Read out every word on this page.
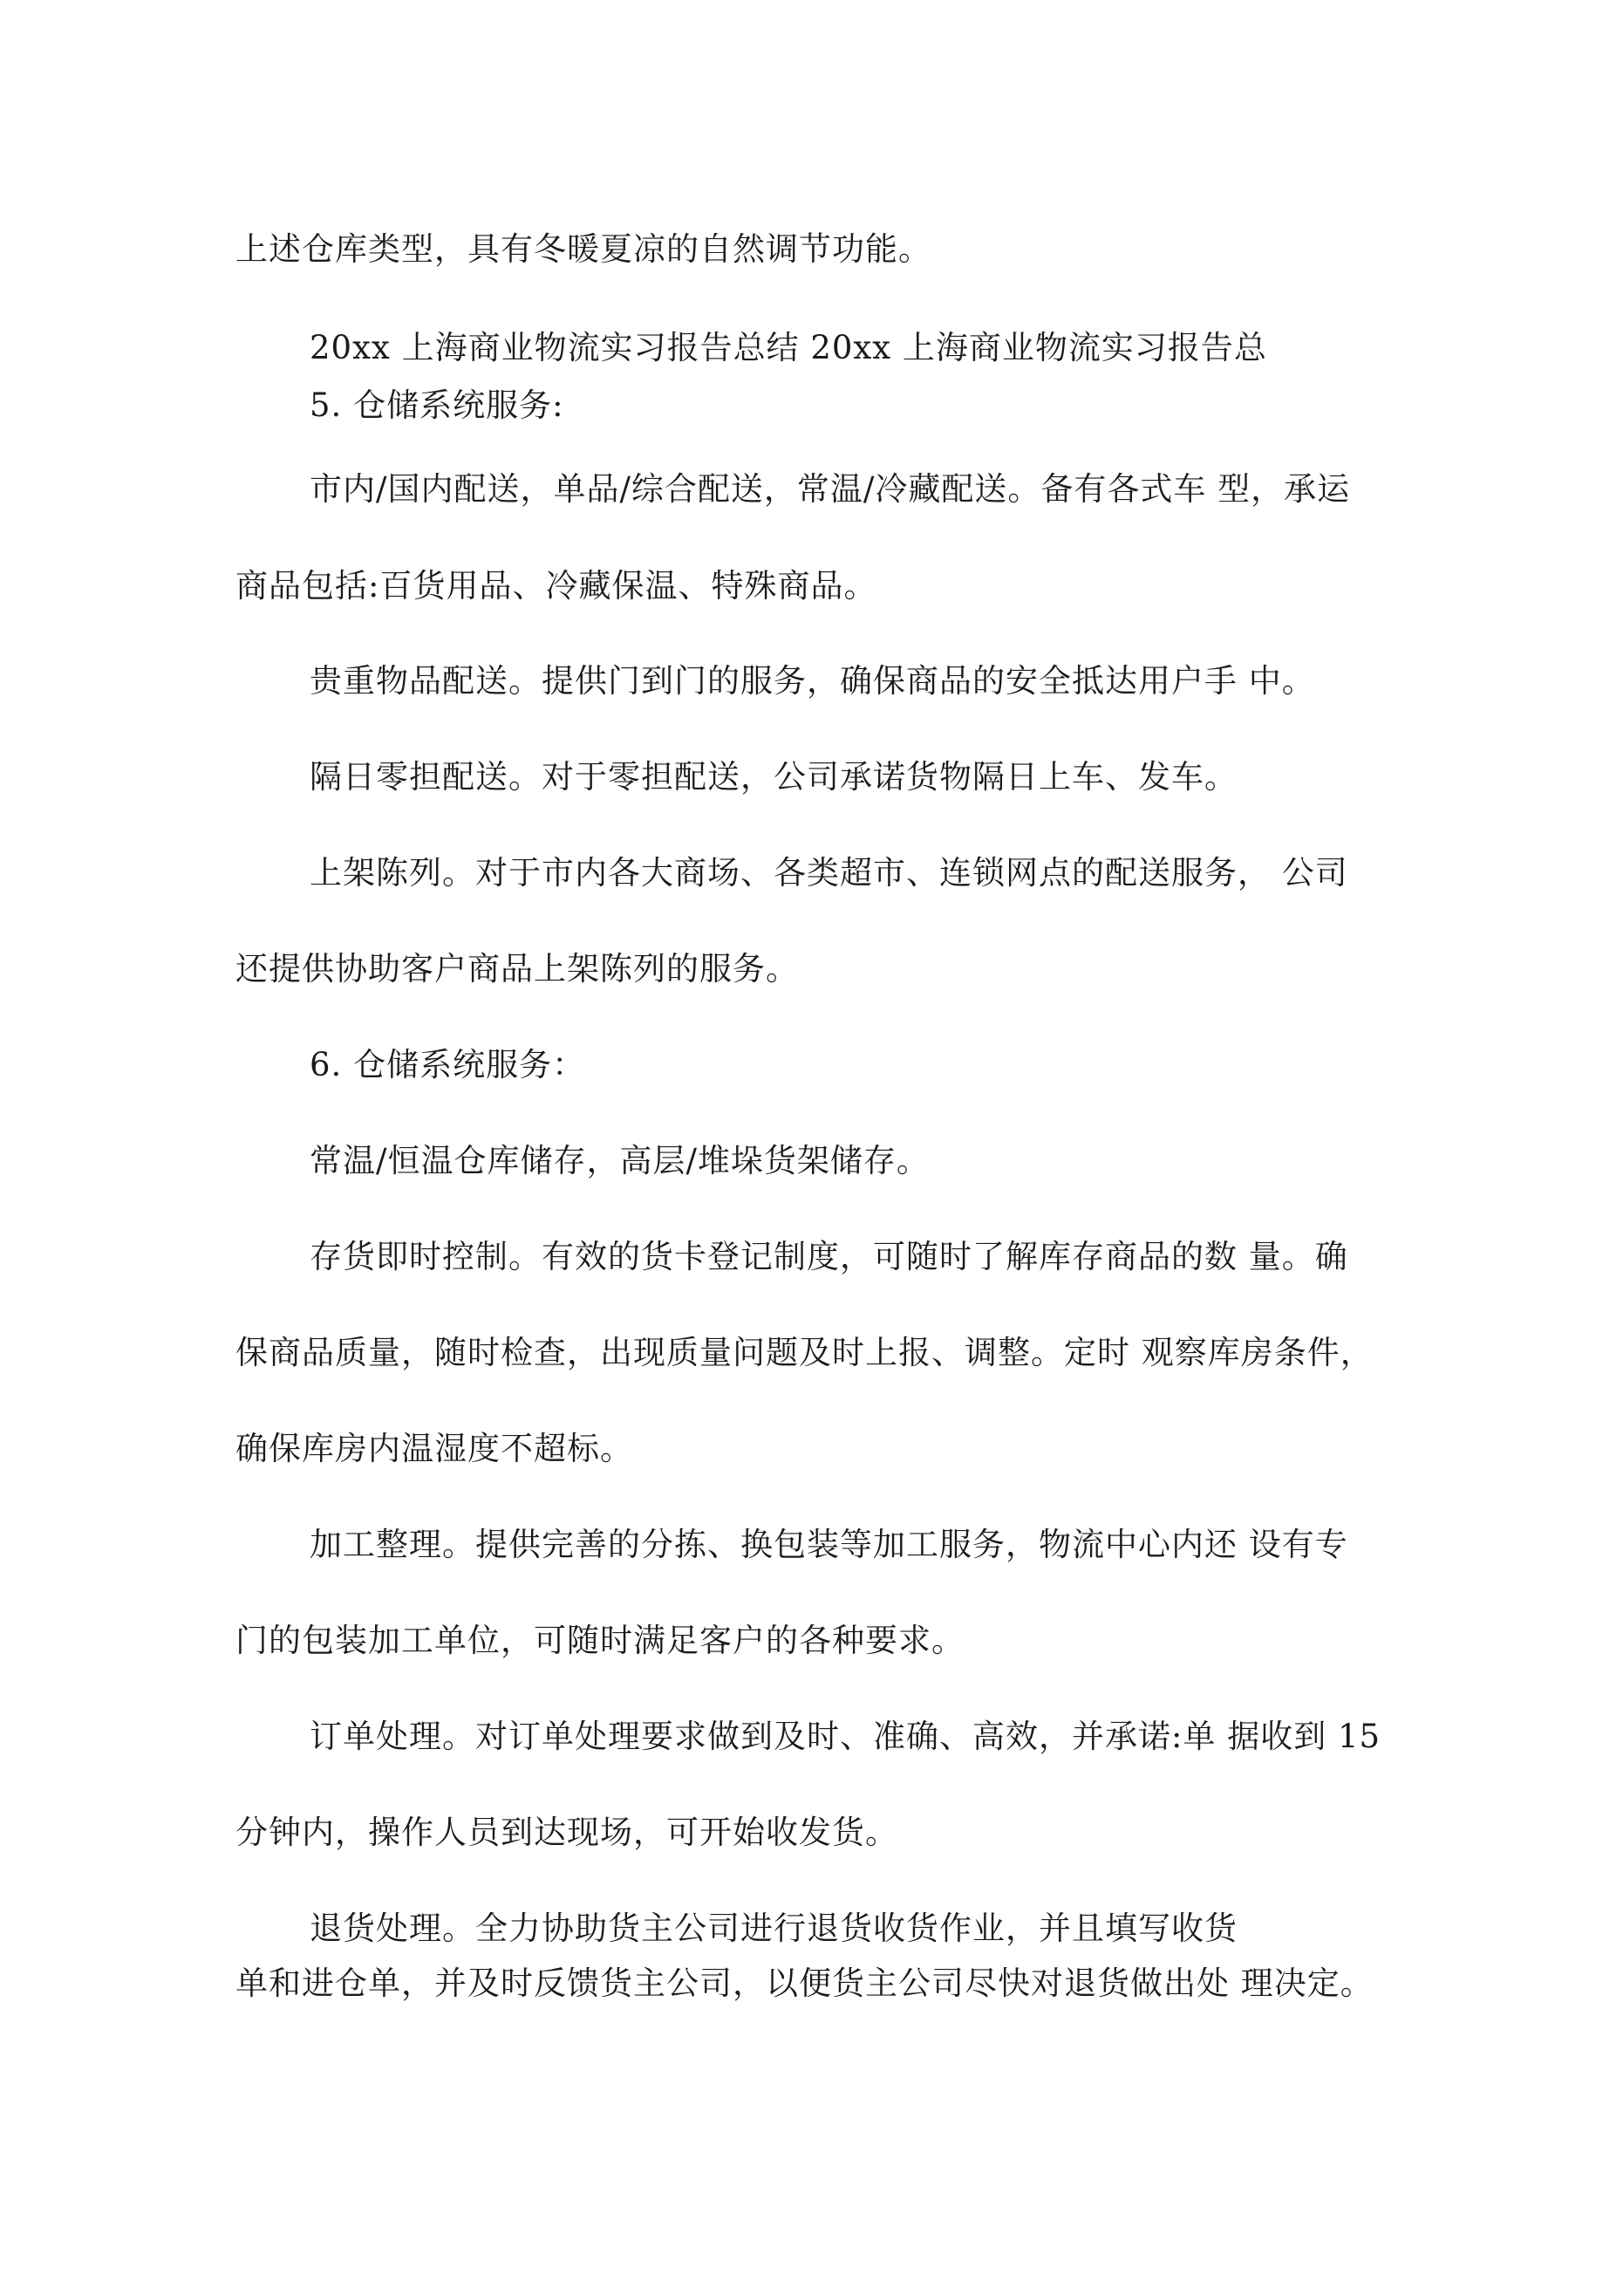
上述仓库类型，具有冬暖夏凉的自然调节功能。
20xx 上海商业物流实习报告总结 20xx 上海商业物流实习报告总
5. 仓储系统服务:
市内/国内配送，单品/综合配送，常温/冷藏配送。备有各式车 型，承运
商品包括:百货用品、冷藏保温、特殊商品。
贵重物品配送。提供门到门的服务，确保商品的安全抵达用户手 中。
隔日零担配送。对于零担配送，公司承诺货物隔日上车、发车。
上架陈列。对于市内各大商场、各类超市、连锁网点的配送服务， 公司
还提供协助客户商品上架陈列的服务。
6. 仓储系统服务：
常温/恒温仓库储存，高层/堆垛货架储存。
存货即时控制。有效的货卡登记制度，可随时了解库存商品的数 量。确
保商品质量，随时检查，出现质量问题及时上报、调整。定时 观察库房条件，
确保库房内温湿度不超标。
加工整理。提供完善的分拣、换包装等加工服务，物流中心内还 设有专
门的包装加工单位，可随时满足客户的各种要求。
订单处理。对订单处理要求做到及时、准确、高效，并承诺:单 据收到 15
分钟内，操作人员到达现场，可开始收发货。
退货处理。全力协助货主公司进行退货收货作业，并且填写收货
单和进仓单，并及时反馈货主公司，以便货主公司尽快对退货做出处 理决定。
